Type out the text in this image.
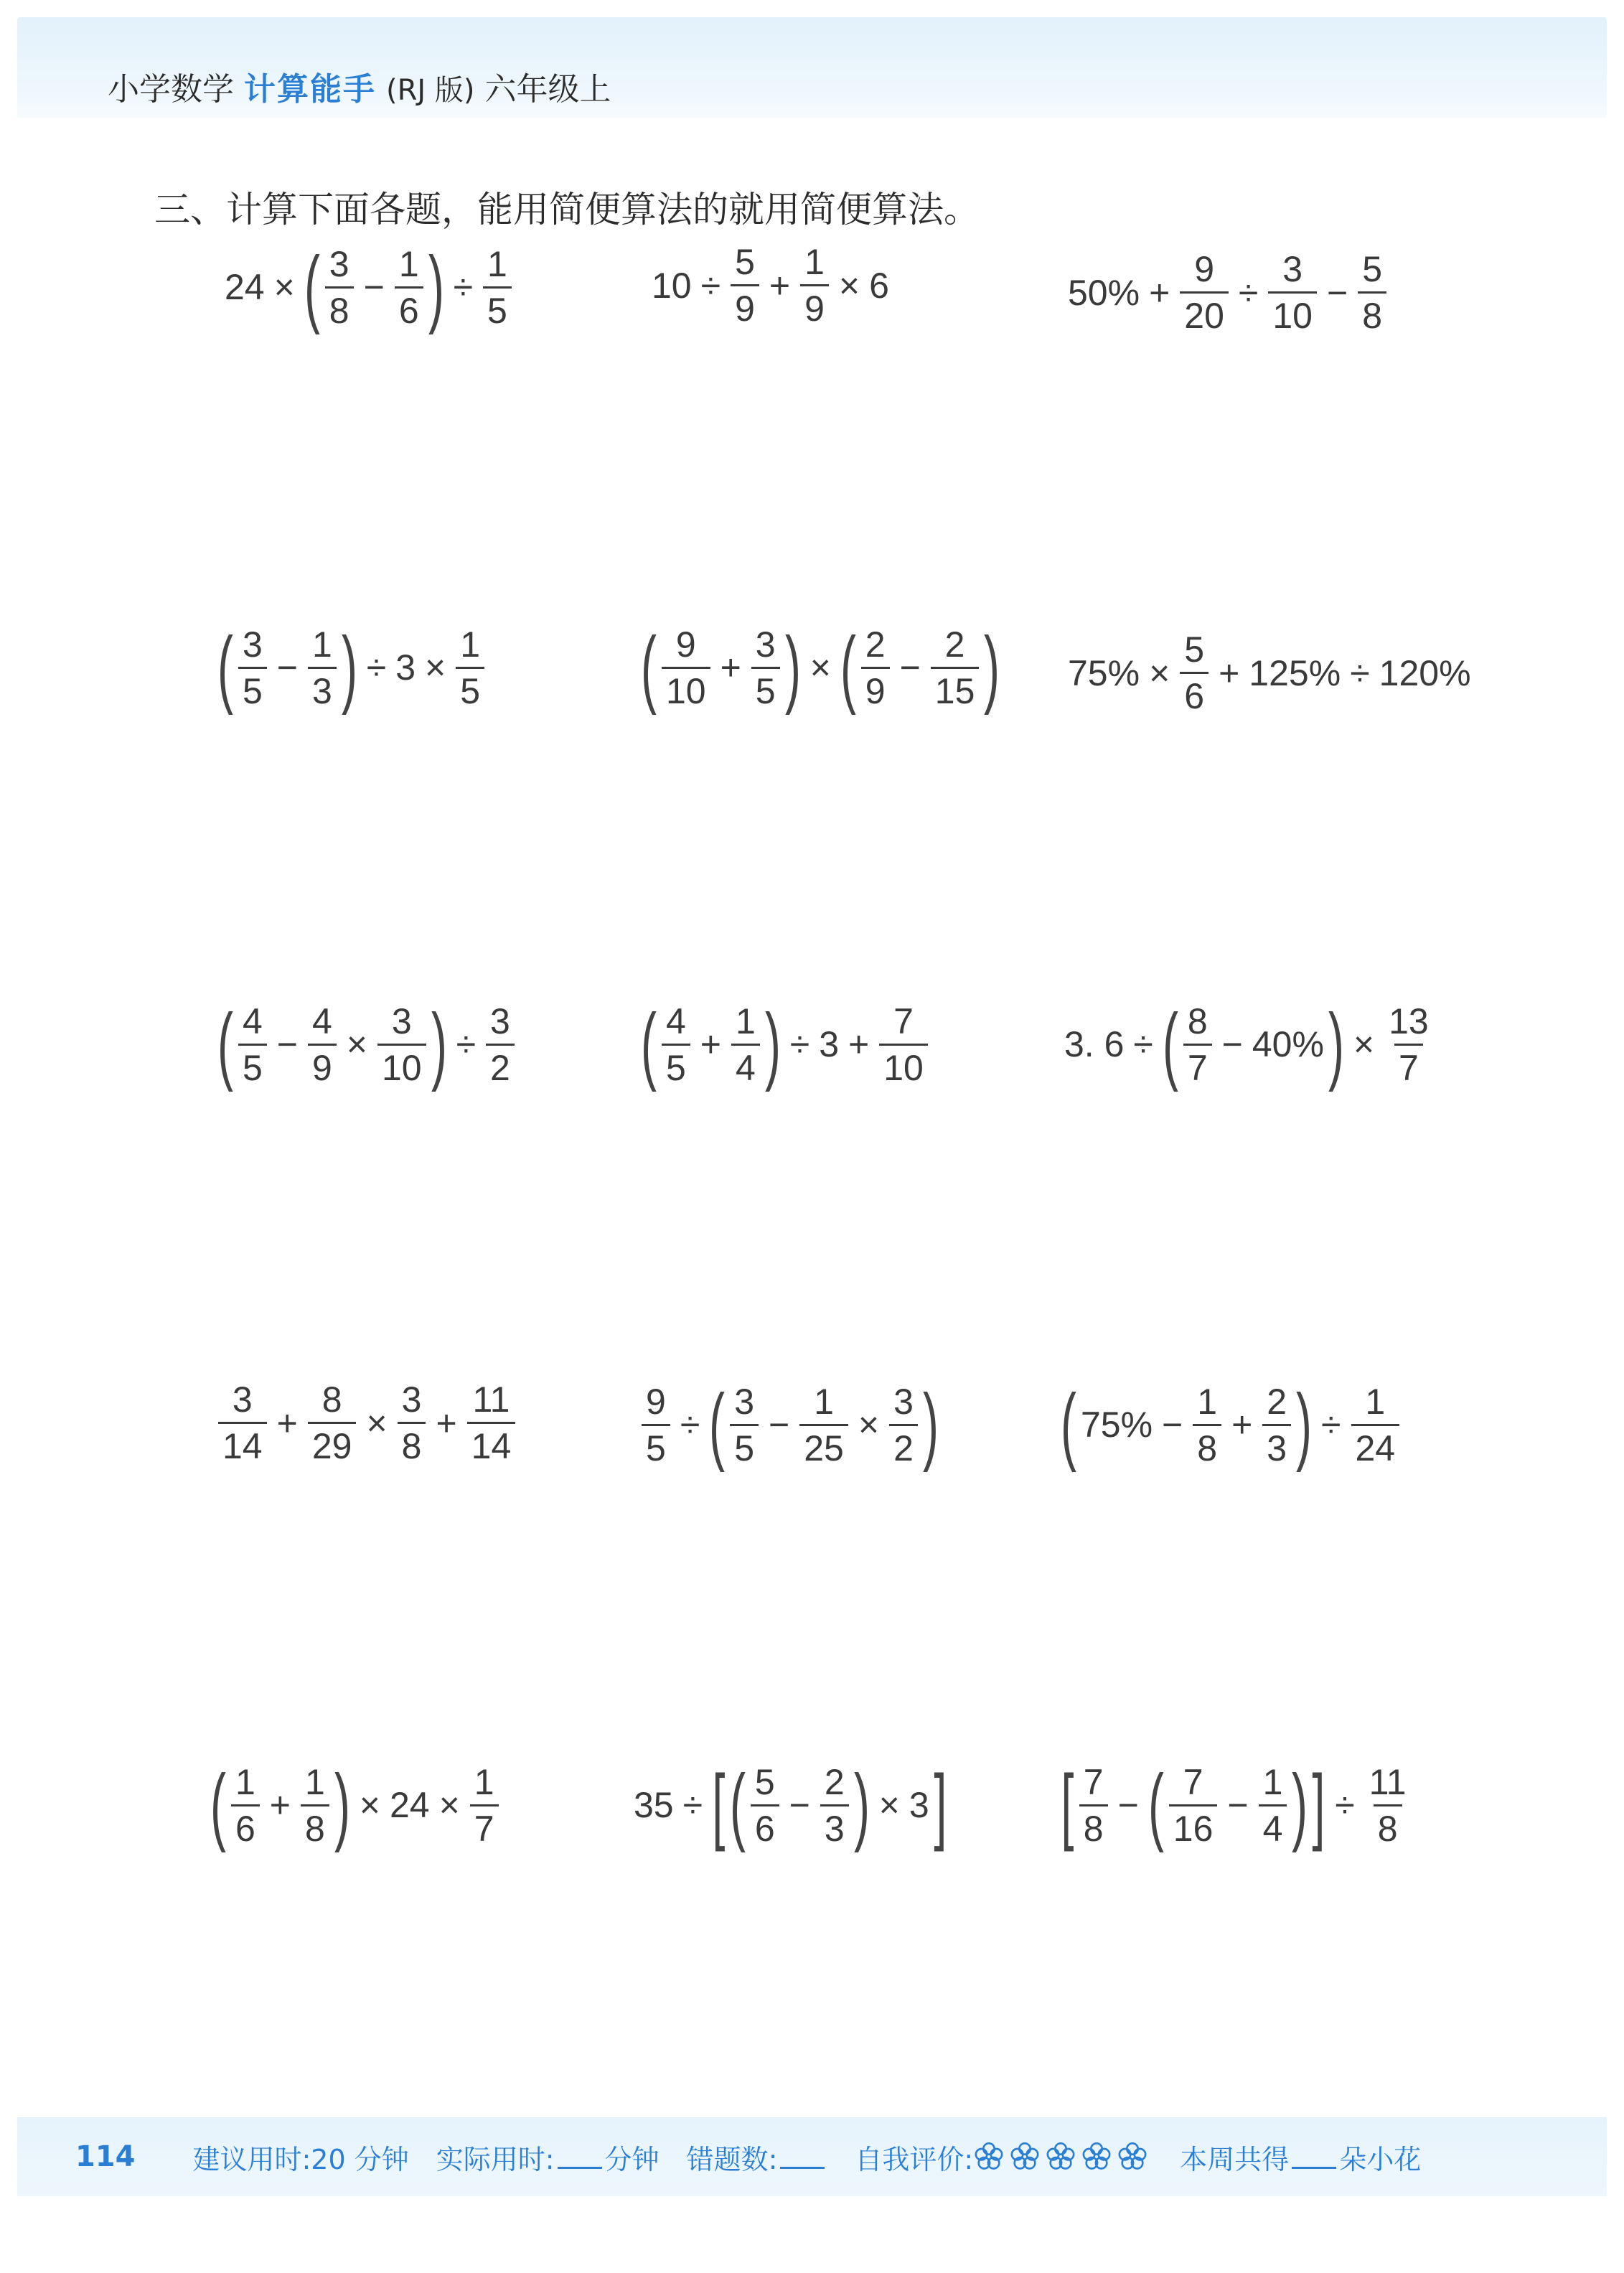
小学数学 计算能手 (RJ 版) 六年级上
三、计算下面各题，能用简便算法的就用简便算法。
24 × ( $\frac{3}{8} - \frac{1}{6}$ ) ÷ $\frac{1}{5}$	$10 \div \frac{5}{9} + \frac{1}{9} \times 6$	$50\% + \frac{9}{20} \div \frac{3}{10} - \frac{5}{8}$
( $\frac{3}{5} - \frac{1}{3}$ ) ÷ $3 \times \frac{1}{5}$ ( $\frac{9}{10} + \frac{3}{5}$ ) × ( $\frac{2}{9} - \frac{2}{15}$ ) $75\% \times \frac{5}{6} + 125\% \div 120\%$
( $\frac{4}{5} - \frac{4}{9} \times \frac{3}{10}$ ) ÷ $\frac{3}{2}$ ( $\frac{4}{5} + \frac{1}{4}$ ) ÷ $3 + \frac{7}{10}$	3. 6 ÷ ( $\frac{8}{7} - 40\%$ ) × $\frac{13}{7}$
$\frac{3}{14} + \frac{8}{29} \times \frac{3}{8} + \frac{11}{14}$	$\frac{9}{5}$ ÷ ( $\frac{3}{5} - \frac{1}{25} \times \frac{3}{2}$ ) ( $75\% - \frac{1}{8} + \frac{2}{3}$ ) ÷ $\frac{1}{24}$
( $\frac{1}{6} + \frac{1}{8}$ ) × $24 \times \frac{1}{7}$	35 ÷ [ ( $\frac{5}{6} - \frac{2}{3}$ ) × 3 ] [ $\frac{7}{8}$ − ( $\frac{7}{16} - \frac{1}{4}$ ) ] ÷ $\frac{11}{8}$
114 建议用时:20 分钟 实际用时: 分钟 错题数:	自我评价:	本周共得 朵小花
